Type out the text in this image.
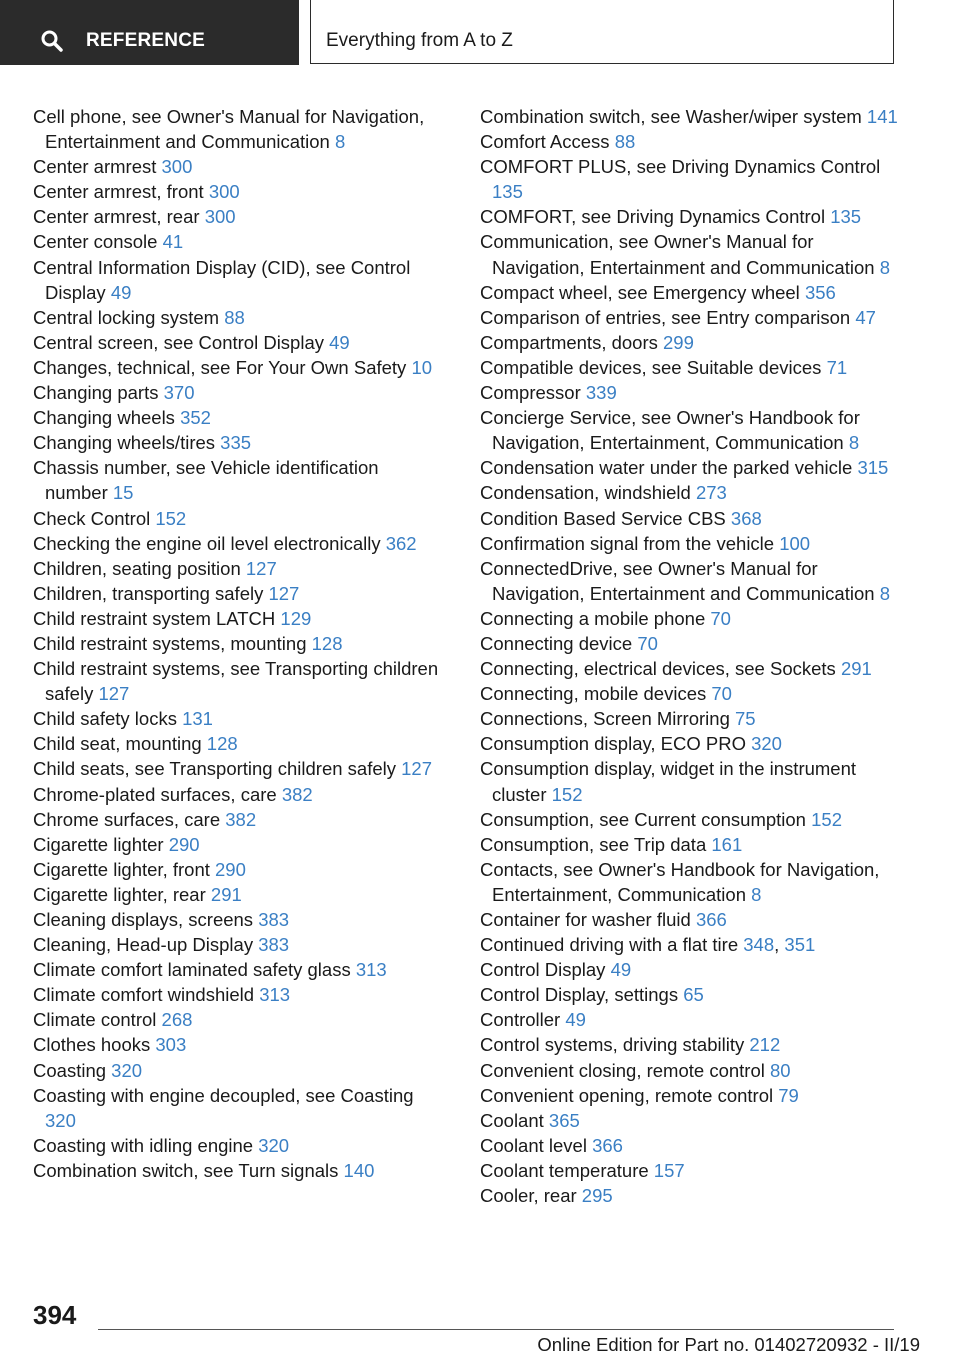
REFERENCE	Everything from A to Z
Cell phone, see Owner's Manual for Navigation, Entertainment and Communication 8
Center armrest 300
Center armrest, front 300
Center armrest, rear 300
Center console 41
Central Information Display (CID), see Control Display 49
Central locking system 88
Central screen, see Control Display 49
Changes, technical, see For Your Own Safety 10
Changing parts 370
Changing wheels 352
Changing wheels/tires 335
Chassis number, see Vehicle identification number 15
Check Control 152
Checking the engine oil level electronically 362
Children, seating position 127
Children, transporting safely 127
Child restraint system LATCH 129
Child restraint systems, mounting 128
Child restraint systems, see Transporting children safely 127
Child safety locks 131
Child seat, mounting 128
Child seats, see Transporting children safely 127
Chrome-plated surfaces, care 382
Chrome surfaces, care 382
Cigarette lighter 290
Cigarette lighter, front 290
Cigarette lighter, rear 291
Cleaning displays, screens 383
Cleaning, Head-up Display 383
Climate comfort laminated safety glass 313
Climate comfort windshield 313
Climate control 268
Clothes hooks 303
Coasting 320
Coasting with engine decoupled, see Coasting 320
Coasting with idling engine 320
Combination switch, see Turn signals 140
Combination switch, see Washer/wiper system 141
Comfort Access 88
COMFORT PLUS, see Driving Dynamics Control 135
COMFORT, see Driving Dynamics Control 135
Communication, see Owner's Manual for Navigation, Entertainment and Communication 8
Compact wheel, see Emergency wheel 356
Comparison of entries, see Entry comparison 47
Compartments, doors 299
Compatible devices, see Suitable devices 71
Compressor 339
Concierge Service, see Owner's Handbook for Navigation, Entertainment, Communication 8
Condensation water under the parked vehicle 315
Condensation, windshield 273
Condition Based Service CBS 368
Confirmation signal from the vehicle 100
ConnectedDrive, see Owner's Manual for Navigation, Entertainment and Communication 8
Connecting a mobile phone 70
Connecting device 70
Connecting, electrical devices, see Sockets 291
Connecting, mobile devices 70
Connections, Screen Mirroring 75
Consumption display, ECO PRO 320
Consumption display, widget in the instrument cluster 152
Consumption, see Current consumption 152
Consumption, see Trip data 161
Contacts, see Owner's Handbook for Navigation, Entertainment, Communication 8
Container for washer fluid 366
Continued driving with a flat tire 348, 351
Control Display 49
Control Display, settings 65
Controller 49
Control systems, driving stability 212
Convenient closing, remote control 80
Convenient opening, remote control 79
Coolant 365
Coolant level 366
Coolant temperature 157
Cooler, rear 295
394
Online Edition for Part no. 01402720932 - II/19
